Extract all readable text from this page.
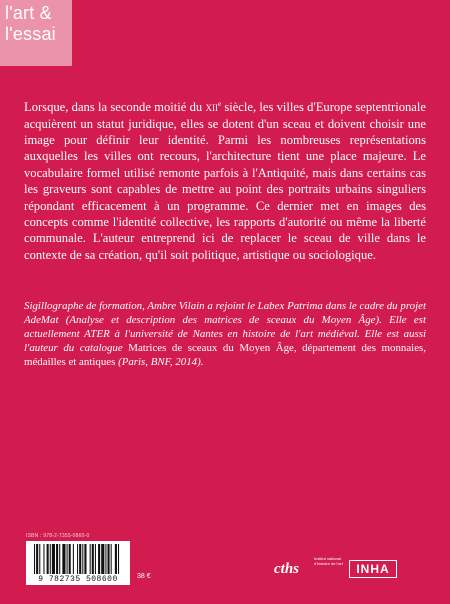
l'art &
l'essai

Lorsque, dans la seconde moitié du xii$^e$ siècle, les villes d'Europe septentrionale acquièrent un statut juridique, elles se dotent d'un sceau et doivent choisir une image pour définir leur identité. Parmi les nombreuses représentations auxquelles les villes ont recours, l'architecture tient une place majeure. Le vocabulaire formel utilisé remonte parfois à l'Antiquité, mais dans certains cas les graveurs sont capables de mettre au point des portraits urbains singuliers répondant efficacement à un programme. Ce dernier met en images des concepts comme l'identité collective, les rapports d'autorité ou même la liberté communale. L'auteur entreprend ici de replacer le sceau de ville dans le contexte de sa création, qu'il soit politique, artistique ou sociologique.

Sigillographe de formation, Ambre Vilain a rejoint le Labex Patrima dans le cadre du projet AdeMat (Analyse et description des matrices de sceaux du Moyen Âge). Elle est actuellement ATER à l'université de Nantes en histoire de l'art médiéval. Elle est aussi l'auteur du catalogue Matrices de sceaux du Moyen Âge, département des monnaies, médailles et antiques (Paris, BNF, 2014).

ISBN : 978-2-7355-0860-0
9 782735 508600	38 €	cths
Institut national d'histoire de l'art	INHA
